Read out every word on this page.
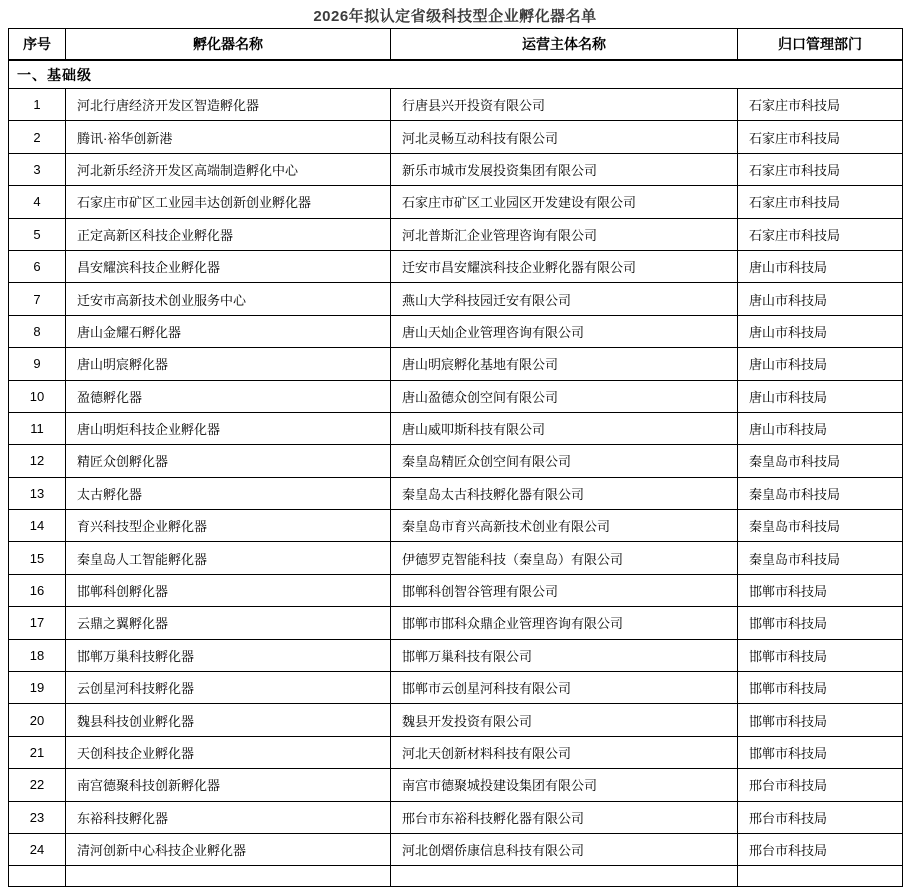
2026年拟认定省级科技型企业孵化器名单
序号	孵化器名称	运营主体名称	归口管理部门
一、基础级			
1	河北行唐经济开发区智造孵化器	行唐县兴开投资有限公司	石家庄市科技局
2	腾讯·裕华创新港	河北灵畅互动科技有限公司	石家庄市科技局
3	河北新乐经济开发区高端制造孵化中心	新乐市城市发展投资集团有限公司	石家庄市科技局
4	石家庄市矿区工业园丰达创新创业孵化器	石家庄市矿区工业园区开发建设有限公司	石家庄市科技局
5	正定高新区科技企业孵化器	河北普斯汇企业管理咨询有限公司	石家庄市科技局
6	昌安耀滨科技企业孵化器	迁安市昌安耀滨科技企业孵化器有限公司	唐山市科技局
7	迁安市高新技术创业服务中心	燕山大学科技园迁安有限公司	唐山市科技局
8	唐山金耀石孵化器	唐山天灿企业管理咨询有限公司	唐山市科技局
9	唐山明宸孵化器	唐山明宸孵化基地有限公司	唐山市科技局
10	盈德孵化器	唐山盈德众创空间有限公司	唐山市科技局
11	唐山明炬科技企业孵化器	唐山威叩斯科技有限公司	唐山市科技局
12	精匠众创孵化器	秦皇岛精匠众创空间有限公司	秦皇岛市科技局
13	太古孵化器	秦皇岛太古科技孵化器有限公司	秦皇岛市科技局
14	育兴科技型企业孵化器	秦皇岛市育兴高新技术创业有限公司	秦皇岛市科技局
15	秦皇岛人工智能孵化器	伊德罗克智能科技（秦皇岛）有限公司	秦皇岛市科技局
16	邯郸科创孵化器	邯郸科创智谷管理有限公司	邯郸市科技局
17	云鼎之翼孵化器	邯郸市邯科众鼎企业管理咨询有限公司	邯郸市科技局
18	邯郸万巢科技孵化器	邯郸万巢科技有限公司	邯郸市科技局
19	云创星河科技孵化器	邯郸市云创星河科技有限公司	邯郸市科技局
20	魏县科技创业孵化器	魏县开发投资有限公司	邯郸市科技局
21	天创科技企业孵化器	河北天创新材料科技有限公司	邯郸市科技局
22	南宫德聚科技创新孵化器	南宫市德聚城投建设集团有限公司	邢台市科技局
23	东裕科技孵化器	邢台市东裕科技孵化器有限公司	邢台市科技局
24	清河创新中心科技企业孵化器	河北创熠侨康信息科技有限公司	邢台市科技局
